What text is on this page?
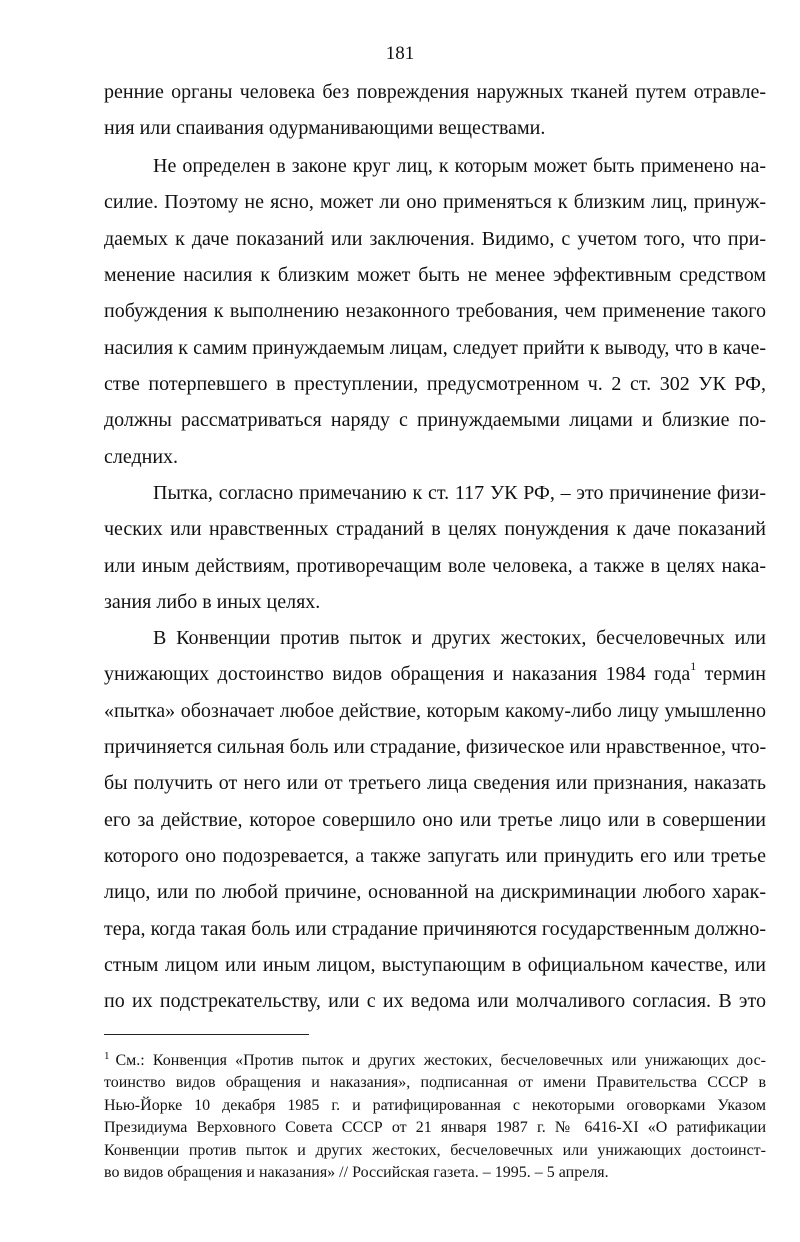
181
ренние органы человека без повреждения наружных тканей путем отравле-
ния или спаивания одурманивающими веществами.
Не определен в законе круг лиц, к которым может быть применено на-
силие. Поэтому не ясно, может ли оно применяться к близким лиц, принуж-
даемых к даче показаний или заключения. Видимо, с учетом того, что при-
менение насилия к близким может быть не менее эффективным средством
побуждения к выполнению незаконного требования, чем применение такого
насилия к самим принуждаемым лицам, следует прийти к выводу, что в каче-
стве потерпевшего в преступлении, предусмотренном ч. 2 ст. 302 УК РФ,
должны рассматриваться наряду с принуждаемыми лицами и близкие по-
следних.
Пытка, согласно примечанию к ст. 117 УК РФ, – это причинение физи-
ческих или нравственных страданий в целях понуждения к даче показаний
или иным действиям, противоречащим воле человека, а также в целях нака-
зания либо в иных целях.
В Конвенции против пыток и других жестоких, бесчеловечных или
унижающих достоинство видов обращения и наказания 1984 года$^1$ термин
«пытка» обозначает любое действие, которым какому-либо лицу умышленно
причиняется сильная боль или страдание, физическое или нравственное, что-
бы получить от него или от третьего лица сведения или признания, наказать
его за действие, которое совершило оно или третье лицо или в совершении
которого оно подозревается, а также запугать или принудить его или третье
лицо, или по любой причине, основанной на дискриминации любого харак-
тера, когда такая боль или страдание причиняются государственным должно-
стным лицом или иным лицом, выступающим в официальном качестве, или
по их подстрекательству, или с их ведома или молчаливого согласия. В это
$^1$ См.: Конвенция «Против пыток и других жестоких, бесчеловечных или унижающих дос-
тоинство видов обращения и наказания», подписанная от имени Правительства СССР в
Нью-Йорке 10 декабря 1985 г. и ратифицированная с некоторыми оговорками Указом
Президиума Верховного Совета СССР от 21 января 1987 г. № 6416-XI «О ратификации
Конвенции против пыток и других жестоких, бесчеловечных или унижающих достоинст-
во видов обращения и наказания» // Российская газета. – 1995. – 5 апреля.
